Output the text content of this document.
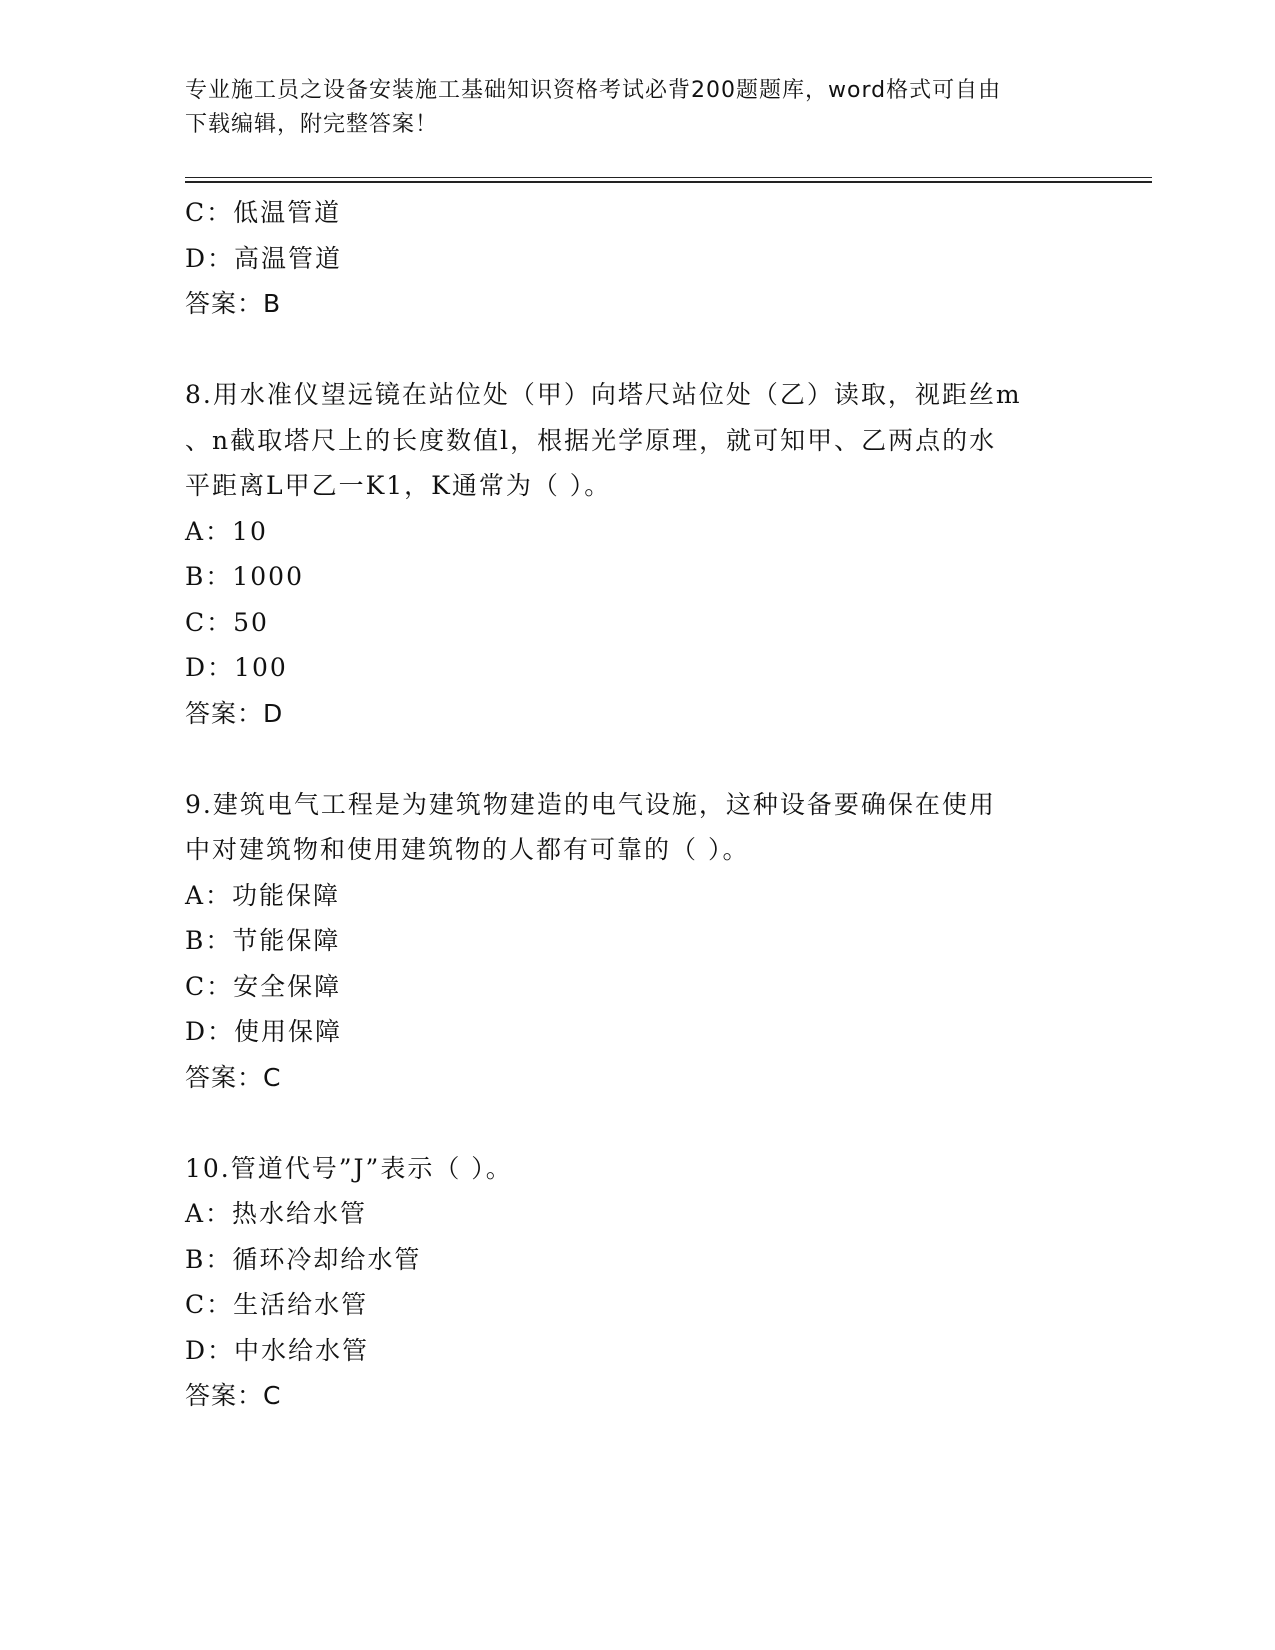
专业施工员之设备安装施工基础知识资格考试必背200题题库，word格式可自由
下载编辑，附完整答案！
C：低温管道
D：高温管道
答案：B
8.用水准仪望远镜在站位处（甲）向塔尺站位处（乙）读取，视距丝m
、n截取塔尺上的长度数值l，根据光学原理，就可知甲、乙两点的水
平距离L甲乙一K1，K通常为（ ）。
A：10
B：1000
C：50
D：100
答案：D
9.建筑电气工程是为建筑物建造的电气设施，这种设备要确保在使用
中对建筑物和使用建筑物的人都有可靠的（ ）。
A：功能保障
B：节能保障
C：安全保障
D：使用保障
答案：C
10.管道代号”J”表示（ ）。
A：热水给水管
B：循环冷却给水管
C：生活给水管
D：中水给水管
答案：C
